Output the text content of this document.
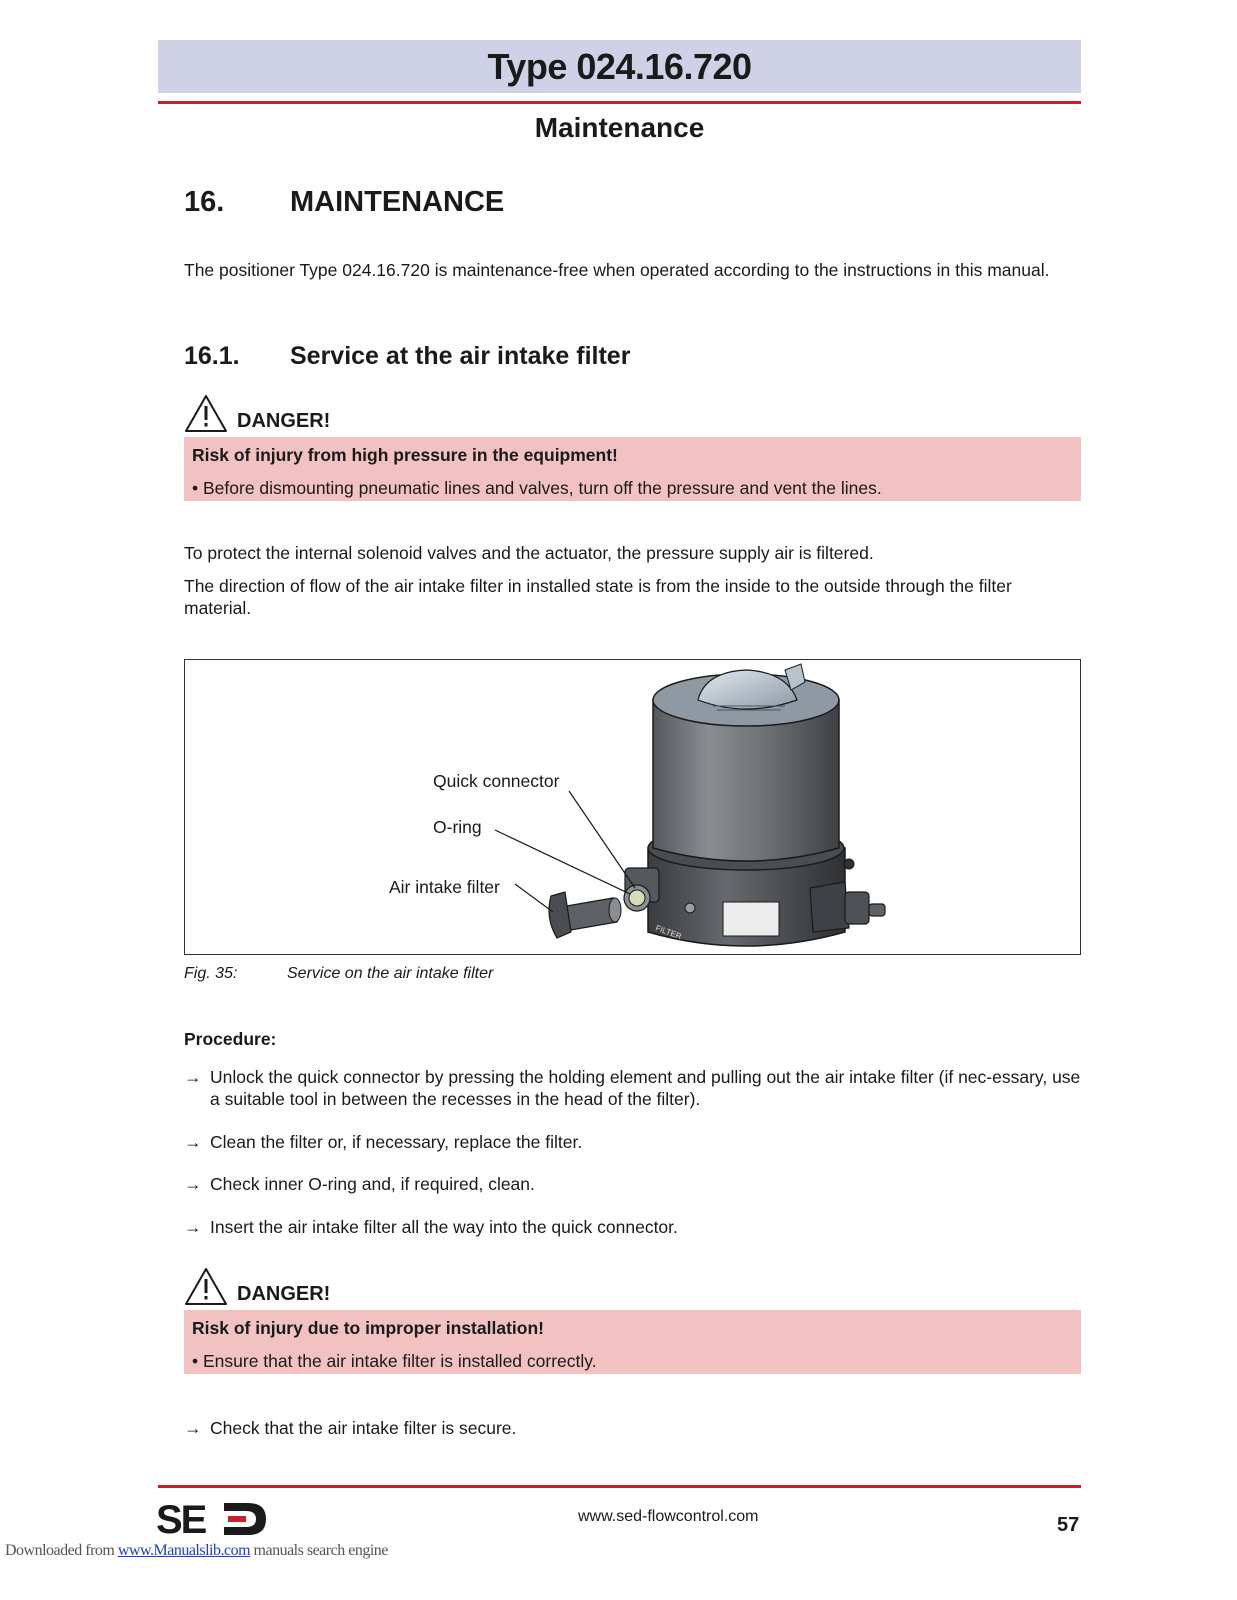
Type 024.16.720
Maintenance
16. MAINTENANCE

The positioner Type 024.16.720 is maintenance-free when operated according to the instructions in this manual.

16.1. Service at the air intake filter
DANGER!
Risk of injury from high pressure in the equipment!
• Before dismounting pneumatic lines and valves, turn off the pressure and vent the lines.

To protect the internal solenoid valves and the actuator, the pressure supply air is filtered.

The direction of flow of the air intake filter in installed state is from the inside to the outside through the filter material.

FILTER
Quick connector
O-ring
Air intake filter
Fig. 35:	Service on the air intake filter
Procedure:
→ Unlock the quick connector by pressing the holding element and pulling out the air intake filter (if nec-essary, use a suitable tool in between the recesses in the head of the filter).
→ Clean the filter or, if necessary, replace the filter.
→ Check inner O-ring and, if required, clean.
→ Insert the air intake filter all the way into the quick connector.
DANGER!
Risk of injury due to improper installation!
• Ensure that the air intake filter is installed correctly.
→ Check that the air intake filter is secure.
SE	www.sed-flowcontrol.com	57
Downloaded from www.Manualslib.com manuals search engine
